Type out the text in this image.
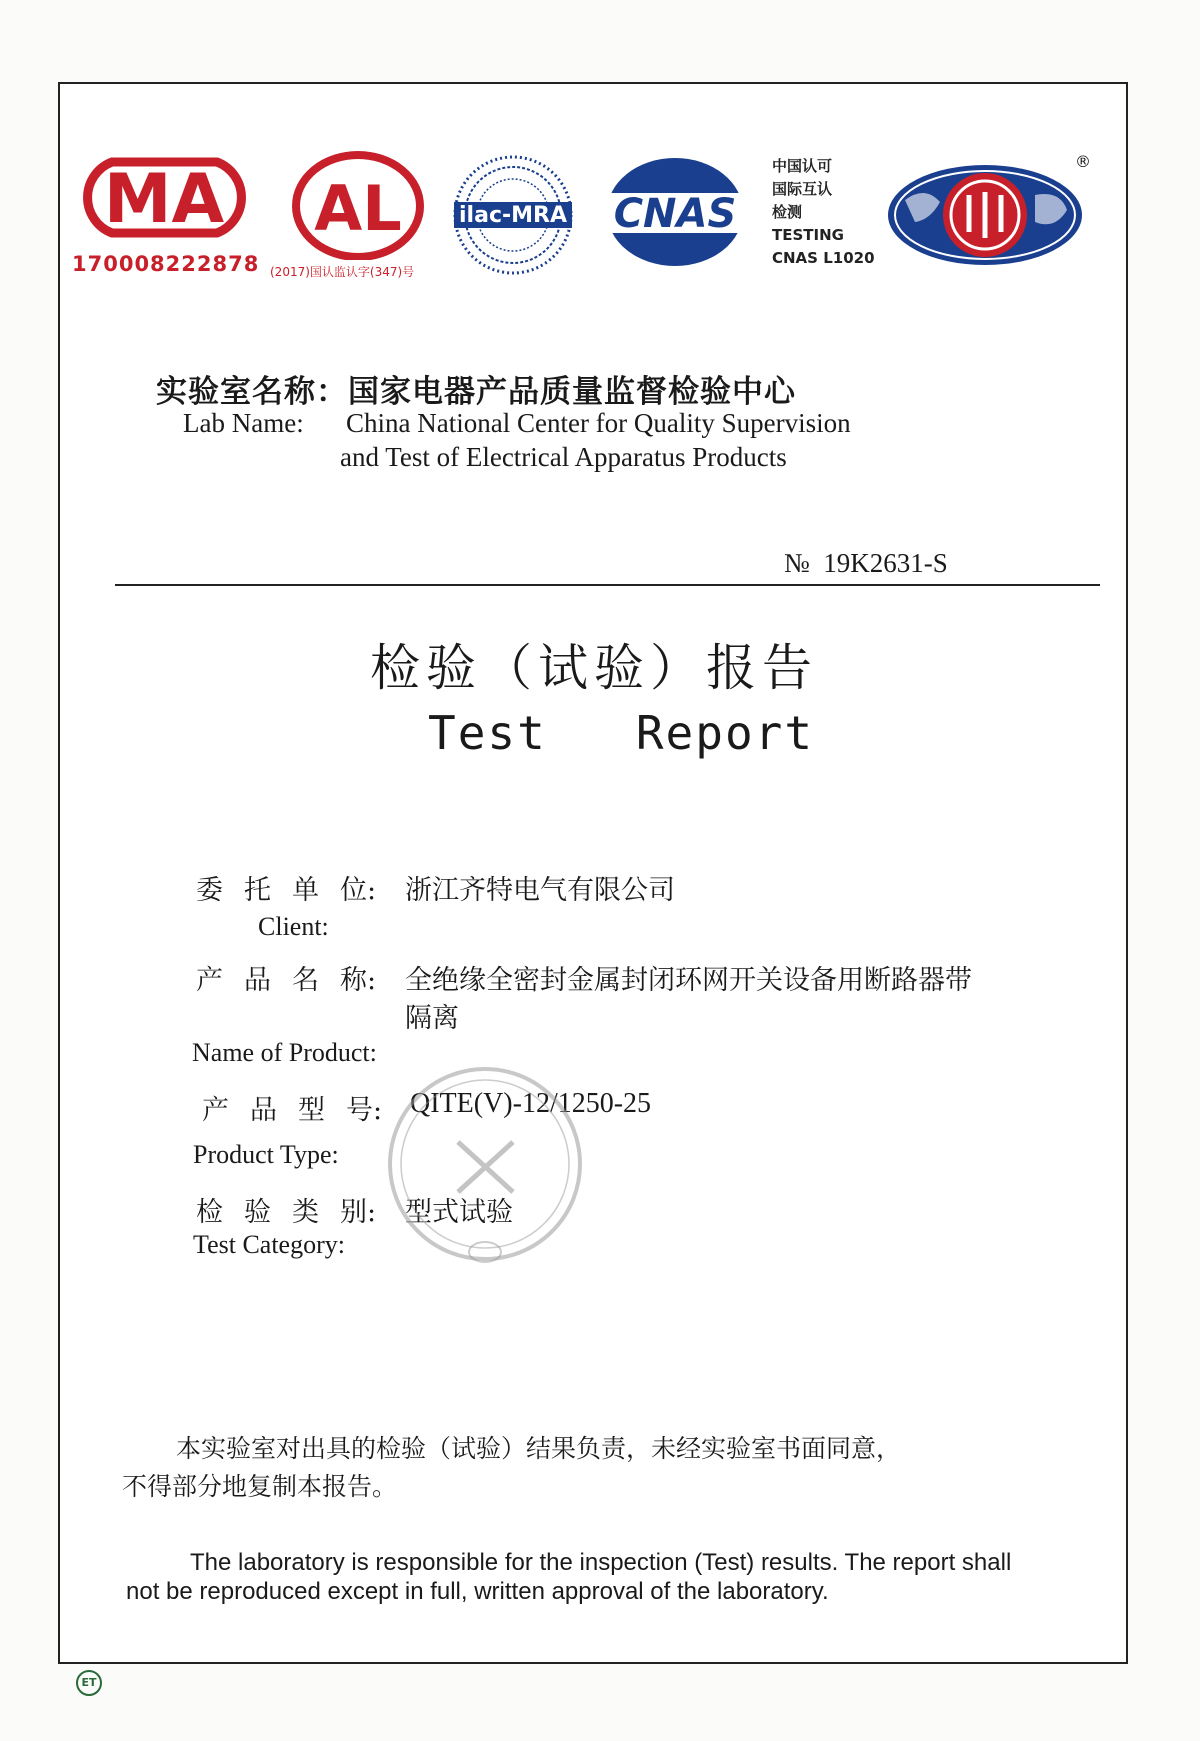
MA
170008222878
AL
(2017)国认监认字(347)号
ilac-MRA CNAS
中国认可
国际互认
检测
TESTING
CNAS L1020
®
实验室名称：国家电器产品质量监督检验中心
Lab Name: China National Center for Quality Supervision
and Test of Electrical Apparatus Products
№  19K2631-S
检验（试验）报告
Test   Report
委 托 单 位:	浙江齐特电气有限公司
Client:
产 品 名 称:	全绝缘全密封金属封闭环网开关设备用断路器带
隔离
Name of Product:
产 品 型 号: QITE(V)-12/1250-25
Product Type:
检 验 类 别:	型式试验
Test Category:
本实验室对出具的检验（试验）结果负责，未经实验室书面同意，
不得部分地复制本报告。
The laboratory is responsible for the inspection (Test) results. The report shall
not be reproduced except in full, written approval of the laboratory.
ET
